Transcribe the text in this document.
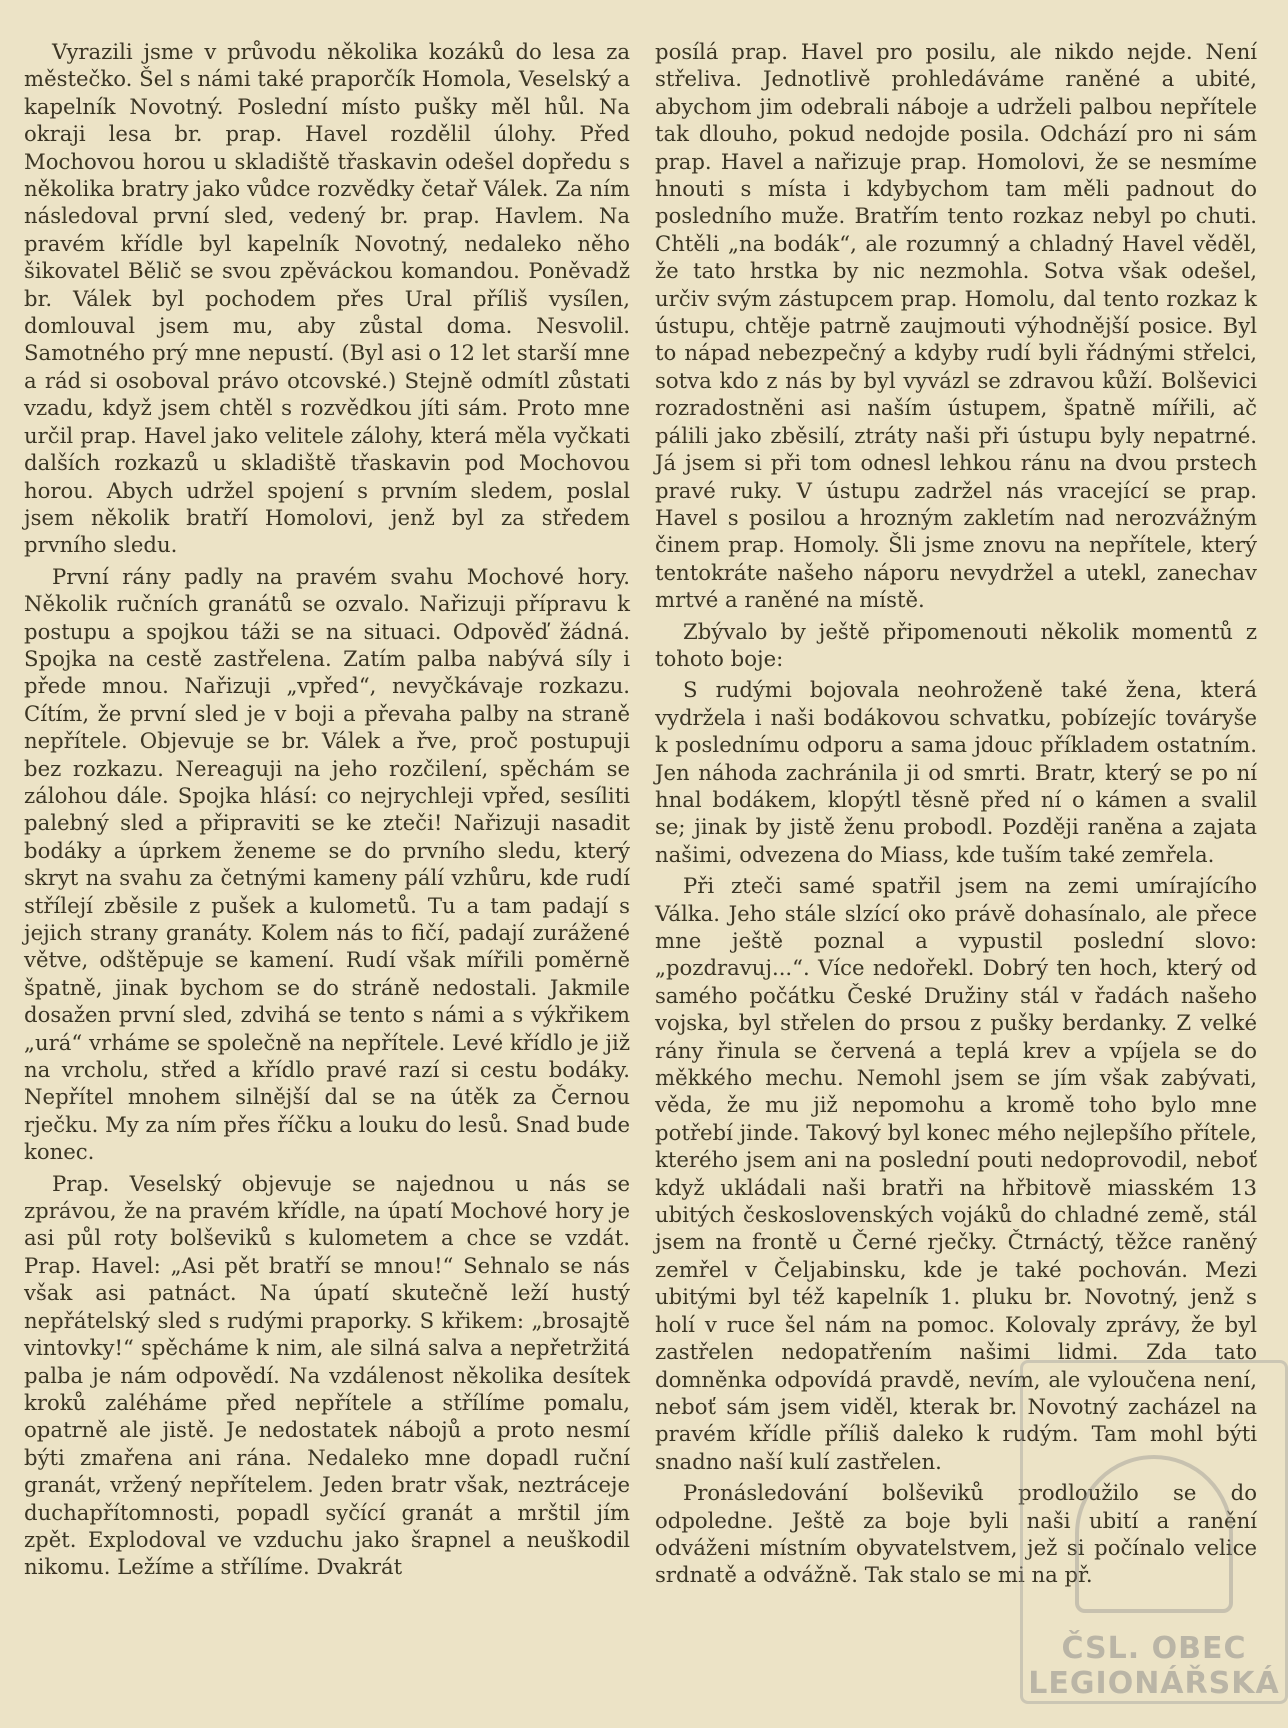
Vyrazili jsme v průvodu několika kozáků do lesa za městečko. Šel s námi také praporčík Homola, Veselský a kapelník Novotný. Poslední místo pušky měl hůl. Na okraji lesa br. prap. Havel rozdělil úlohy. Před Mochovou horou u skladiště třaskavin odešel dopředu s několika bratry jako vůdce rozvědky četař Válek. Za ním následoval první sled, vedený br. prap. Havlem. Na pravém křídle byl kapelník Novotný, nedaleko něho šikovatel Bělič se svou zpěváckou komandou. Poněvadž br. Válek byl pochodem přes Ural příliš vysílen, domlouval jsem mu, aby zůstal doma. Nesvolil. Samotného prý mne nepustí. (Byl asi o 12 let starší mne a rád si osoboval právo otcovské.) Stejně odmítl zůstati vzadu, když jsem chtěl s rozvědkou jíti sám. Proto mne určil prap. Havel jako velitele zálohy, která měla vyčkati dalších rozkazů u skladiště třaskavin pod Mochovou horou. Abych udržel spojení s prvním sledem, poslal jsem několik bratří Homolovi, jenž byl za středem prvního sledu.

První rány padly na pravém svahu Mochové hory. Několik ručních granátů se ozvalo. Nařizuji přípravu k postupu a spojkou táži se na situaci. Odpověď žádná. Spojka na cestě zastřelena. Zatím palba nabývá síly i přede mnou. Nařizuji „vpřed“, nevyčkávaje rozkazu. Cítím, že první sled je v boji a převaha palby na straně nepřítele. Objevuje se br. Válek a řve, proč postupuji bez rozkazu. Nereaguji na jeho rozčilení, spěchám se zálohou dále. Spojka hlásí: co nejrychleji vpřed, sesíliti palebný sled a připraviti se ke zteči! Nařizuji nasadit bodáky a úprkem ženeme se do prvního sledu, který skryt na svahu za četnými kameny pálí vzhůru, kde rudí střílejí zběsile z pušek a kulometů. Tu a tam padají s jejich strany granáty. Kolem nás to fičí, padají zurážené větve, odštěpuje se kamení. Rudí však mířili poměrně špatně, jinak bychom se do stráně nedostali. Jakmile dosažen první sled, zdvihá se tento s námi a s výkřikem „urá“ vrháme se společně na nepřítele. Levé křídlo je již na vrcholu, střed a křídlo pravé razí si cestu bodáky. Nepřítel mnohem silnější dal se na útěk za Černou rječku. My za ním přes říčku a louku do lesů. Snad bude konec.

Prap. Veselský objevuje se najednou u nás se zprávou, že na pravém křídle, na úpatí Mochové hory je asi půl roty bolševiků s kulometem a chce se vzdát. Prap. Havel: „Asi pět bratří se mnou!“ Sehnalo se nás však asi patnáct. Na úpatí skutečně leží hustý nepřátelský sled s rudými praporky. S křikem: „brosajtě vintovky!“ spěcháme k nim, ale silná salva a nepřetržitá palba je nám odpovědí. Na vzdálenost několika desítek kroků zaléháme před nepřítele a střílíme pomalu, opatrně ale jistě. Je nedostatek nábojů a proto nesmí býti zmařena ani rána. Nedaleko mne dopadl ruční granát, vržený nepřítelem. Jeden bratr však, neztráceje duchapřítomnosti, popadl syčící granát a mrštil jím zpět. Explodoval ve vzduchu jako šrapnel a neuškodil nikomu. Ležíme a střílíme. Dvakrát

posílá prap. Havel pro posilu, ale nikdo nejde. Není střeliva. Jednotlivě prohledáváme raněné a ubité, abychom jim odebrali náboje a udrželi palbou nepřítele tak dlouho, pokud nedojde posila. Odchází pro ni sám prap. Havel a nařizuje prap. Homolovi, že se nesmíme hnouti s místa i kdybychom tam měli padnout do posledního muže. Bratřím tento rozkaz nebyl po chuti. Chtěli „na bodák“, ale rozumný a chladný Havel věděl, že tato hrstka by nic nezmohla. Sotva však odešel, určiv svým zástupcem prap. Homolu, dal tento rozkaz k ústupu, chtěje patrně zaujmouti výhodnější posice. Byl to nápad nebezpečný a kdyby rudí byli řádnými střelci, sotva kdo z nás by byl vyvázl se zdravou kůží. Bolševici rozradostněni asi naším ústupem, špatně mířili, ač pálili jako zběsilí, ztráty naši při ústupu byly nepatrné. Já jsem si při tom odnesl lehkou ránu na dvou prstech pravé ruky. V ústupu zadržel nás vracející se prap. Havel s posilou a hrozným zakletím nad nerozvážným činem prap. Homoly. Šli jsme znovu na nepřítele, který tentokráte našeho náporu nevydržel a utekl, zanechav mrtvé a raněné na místě.

Zbývalo by ještě připomenouti několik momentů z tohoto boje:

S rudými bojovala neohroženě také žena, která vydržela i naši bodákovou schvatku, pobízejíc továryše k poslednímu odporu a sama jdouc příkladem ostatním. Jen náhoda zachránila ji od smrti. Bratr, který se po ní hnal bodákem, klopýtl těsně před ní o kámen a svalil se; jinak by jistě ženu probodl. Později raněna a zajata našimi, odvezena do Miass, kde tuším také zemřela.

Při zteči samé spatřil jsem na zemi umírajícího Válka. Jeho stále slzící oko právě dohasínalo, ale přece mne ještě poznal a vypustil poslední slovo: „pozdravuj...“. Více nedořekl. Dobrý ten hoch, který od samého počátku České Družiny stál v řadách našeho vojska, byl střelen do prsou z pušky berdanky. Z velké rány řinula se červená a teplá krev a vpíjela se do měkkého mechu. Nemohl jsem se jím však zabývati, věda, že mu již nepomohu a kromě toho bylo mne potřebí jinde. Takový byl konec mého nejlepšího přítele, kterého jsem ani na poslední pouti nedoprovodil, neboť když ukládali naši bratři na hřbitově miasském 13 ubitých československých vojáků do chladné země, stál jsem na frontě u Černé rječky. Čtrnáctý, těžce raněný zemřel v Čeljabinsku, kde je také pochován. Mezi ubitými byl též kapelník 1. pluku br. Novotný, jenž s holí v ruce šel nám na pomoc. Kolovaly zprávy, že byl zastřelen nedopatřením našimi lidmi. Zda tato domněnka odpovídá pravdě, nevím, ale vyloučena není, neboť sám jsem viděl, kterak br. Novotný zacházel na pravém křídle příliš daleko k rudým. Tam mohl býti snadno naší kulí zastřelen.

Pronásledování bolševiků prodloužilo se do odpoledne. Ještě za boje byli naši ubití a ranění odváženi místním obyvatelstvem, jež si počínalo velice srdnatě a odvážně. Tak stalo se mi na př.

ČSL. OBEC
LEGIONÁŘSKÁ
